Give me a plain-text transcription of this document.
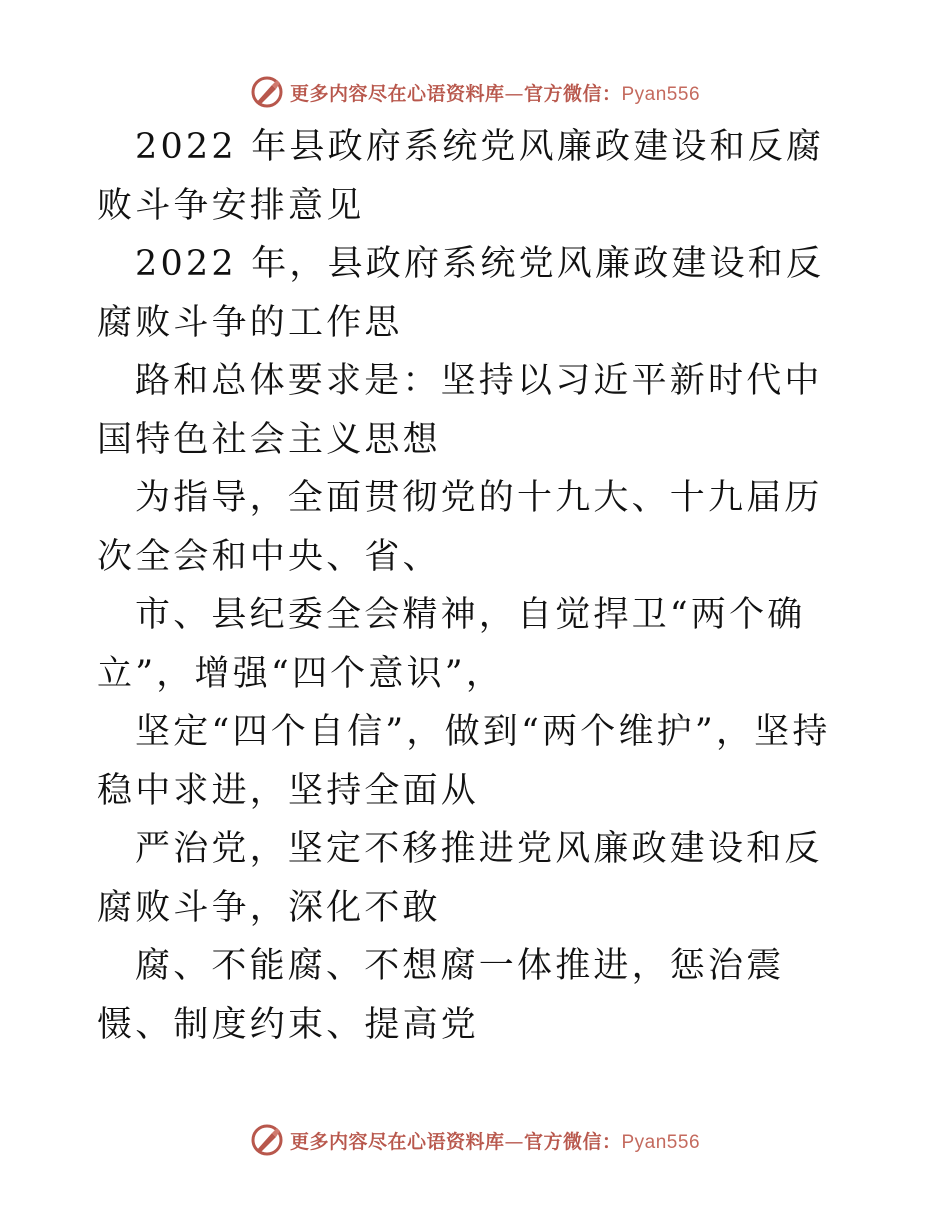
更多内容尽在心语资料库—官方微信：Pyan556

2022 年县政府系统党风廉政建设和反腐败斗争安排意见

2022 年，县政府系统党风廉政建设和反腐败斗争的工作思

路和总体要求是：坚持以习近平新时代中国特色社会主义思想

为指导，全面贯彻党的十九大、十九届历次全会和中央、省、

市、县纪委全会精神，自觉捍卫“两个确立”，增强“四个意识”，

坚定“四个自信”，做到“两个维护”，坚持稳中求进，坚持全面从

严治党，坚定不移推进党风廉政建设和反腐败斗争，深化不敢

腐、不能腐、不想腐一体推进，惩治震慑、制度约束、提高党

更多内容尽在心语资料库—官方微信：Pyan556
